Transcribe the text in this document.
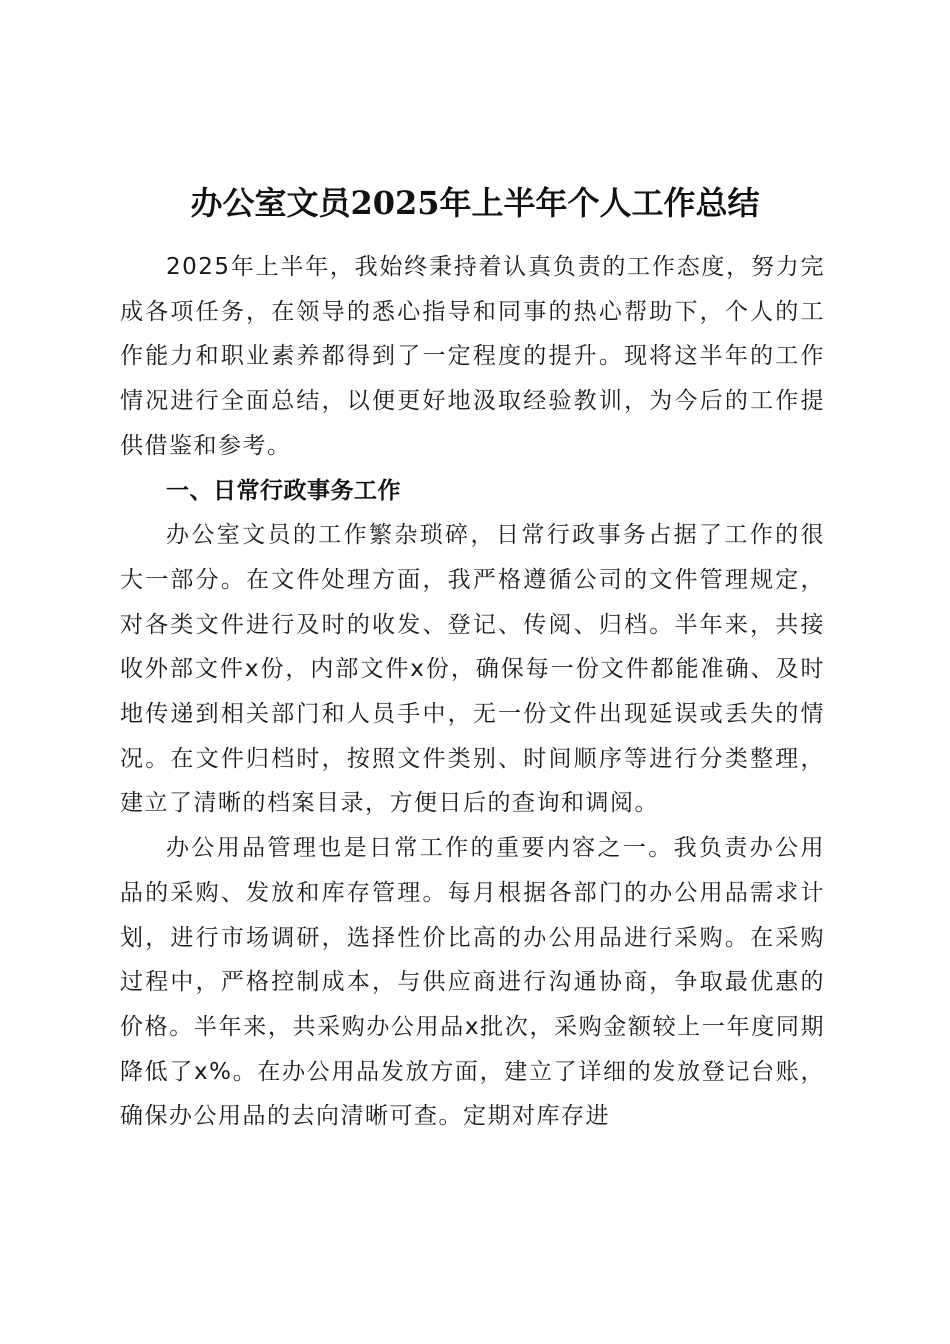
办公室文员2025年上半年个人工作总结

2025年上半年，我始终秉持着认真负责的工作态度，努力完成各项任务，在领导的悉心指导和同事的热心帮助下，个人的工作能力和职业素养都得到了一定程度的提升。现将这半年的工作情况进行全面总结，以便更好地汲取经验教训，为今后的工作提供借鉴和参考。

一、日常行政事务工作

办公室文员的工作繁杂琐碎，日常行政事务占据了工作的很大一部分。在文件处理方面，我严格遵循公司的文件管理规定，对各类文件进行及时的收发、登记、传阅、归档。半年来，共接收外部文件x份，内部文件x份，确保每一份文件都能准确、及时地传递到相关部门和人员手中，无一份文件出现延误或丢失的情况。在文件归档时，按照文件类别、时间顺序等进行分类整理，建立了清晰的档案目录，方便日后的查询和调阅。

办公用品管理也是日常工作的重要内容之一。我负责办公用品的采购、发放和库存管理。每月根据各部门的办公用品需求计划，进行市场调研，选择性价比高的办公用品进行采购。在采购过程中，严格控制成本，与供应商进行沟通协商，争取最优惠的价格。半年来，共采购办公用品x批次，采购金额较上一年度同期降低了x%。在办公用品发放方面，建立了详细的发放登记台账，确保办公用品的去向清晰可查。定期对库存进
